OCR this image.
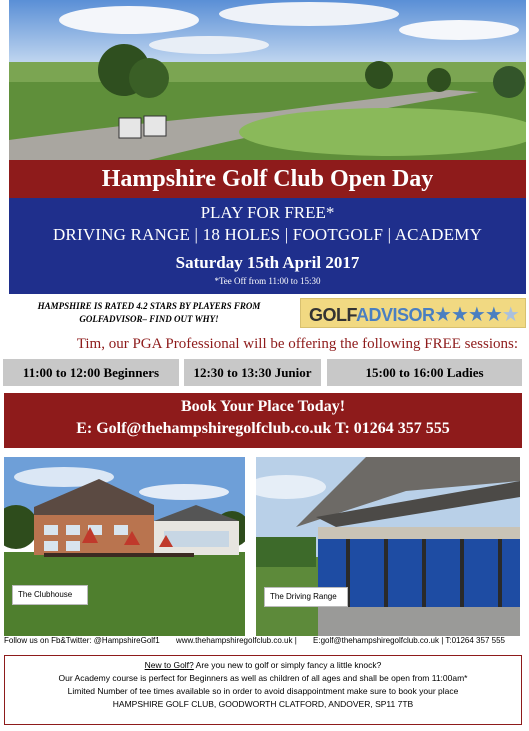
Hampshire Golf Club Open Day
PLAY FOR FREE*
DRIVING RANGE | 18 HOLES | FOOTGOLF | ACADEMY
Saturday 15th April 2017
*Tee Off from 11:00 to 15:30
HAMPSHIRE IS RATED 4.2 STARS BY PLAYERS FROM
GOLFADVISOR– FIND OUT WHY!	GOLFADVISOR ★★★★★
Tim, our PGA Professional will be offering the following FREE sessions:
11:00 to 12:00 Beginners	12:30 to 13:30 Junior	15:00 to 16:00 Ladies
Book Your Place Today!
E: Golf@thehampshiregolfclub.co.uk T: 01264 357 555
The Clubhouse	The Driving Range
Follow us on Fb&Twitter: @HampshireGolf1 www.thehampshiregolfclub.co.uk | E:golf@thehampshiregolfclub.co.uk | T:01264 357 555
New to Golf? Are you new to golf or simply fancy a little knock?
Our Academy course is perfect for Beginners as well as children of all ages and shall be open from 11:00am*
Limited Number of tee times available so in order to avoid disappointment make sure to book your place
HAMPSHIRE GOLF CLUB, GOODWORTH CLATFORD, ANDOVER, SP11 7TB
